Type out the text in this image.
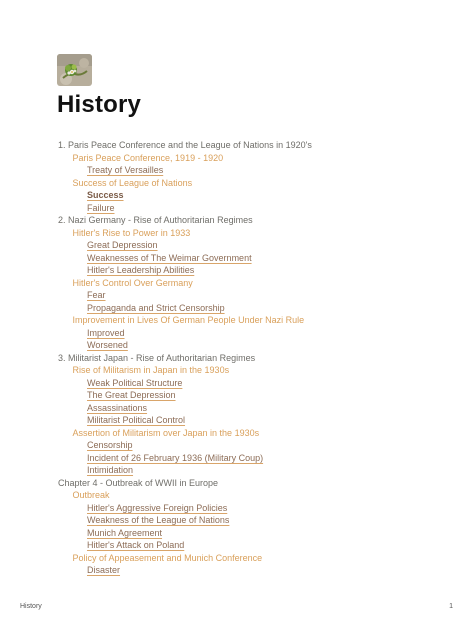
History
1. Paris Peace Conference and the League of Nations in 1920's
Paris Peace Conference, 1919 - 1920
Treaty of Versailles
Success of League of Nations
Success
Failure
2. Nazi Germany - Rise of Authoritarian Regimes
Hitler's Rise to Power in 1933
Great Depression
Weaknesses of The Weimar Government
Hitler's Leadership Abilities
Hitler's Control Over Germany
Fear
Propaganda and Strict Censorship
Improvement in Lives Of German People Under Nazi Rule
Improved
Worsened
3. Militarist Japan - Rise of Authoritarian Regimes
Rise of Militarism in Japan in the 1930s
Weak Political Structure
The Great Depression
Assassinations
Militarist Political Control
Assertion of Militarism over Japan in the 1930s
Censorship
Incident of 26 February 1936 (Military Coup)
Intimidation
Chapter 4 - Outbreak of WWII in Europe
Outbreak
Hitler's Aggressive Foreign Policies
Weakness of the League of Nations
Munich Agreement
Hitler's Attack on Poland
Policy of Appeasement and Munich Conference
Disaster
History	1
